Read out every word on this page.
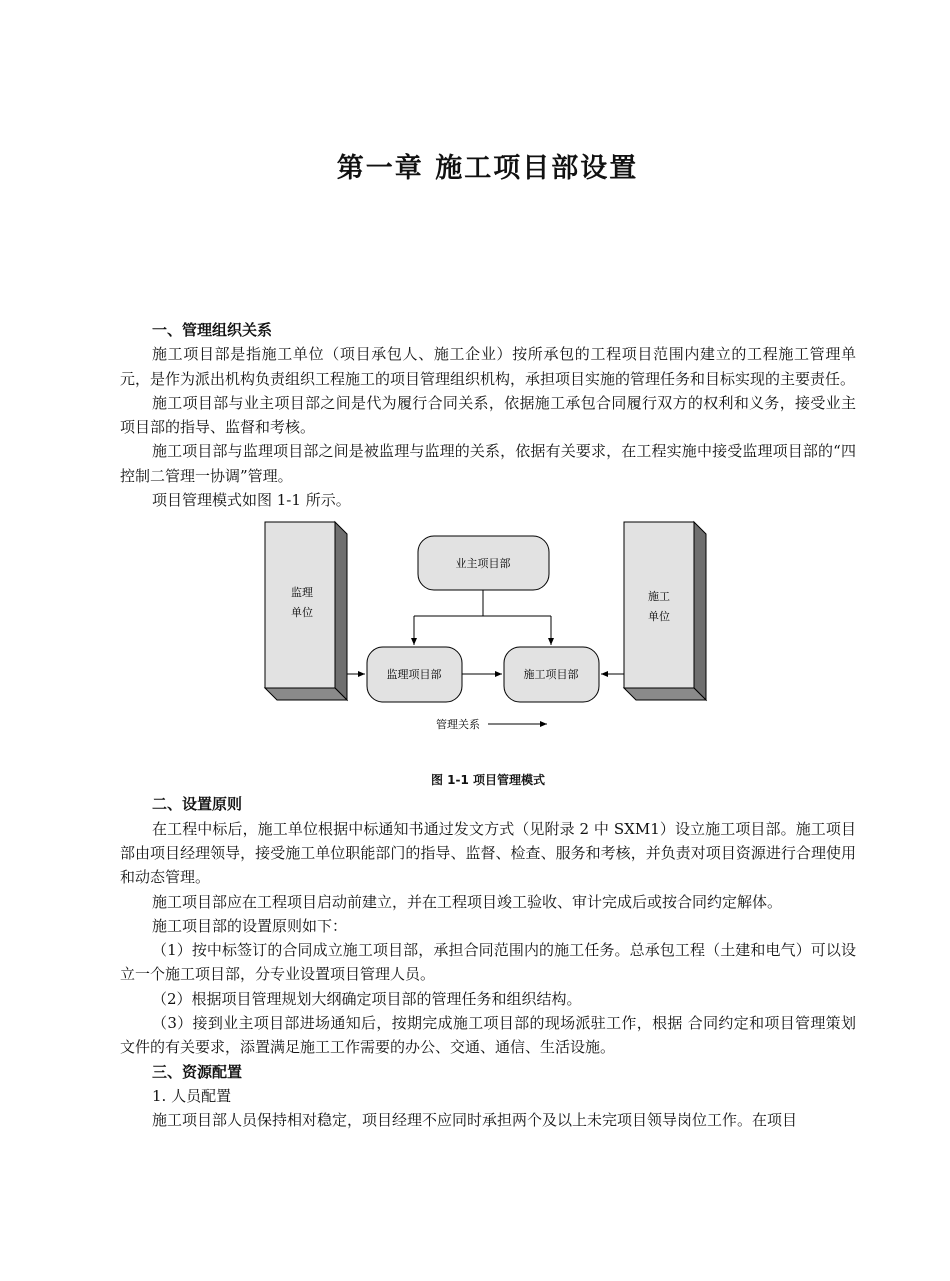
第一章 施工项目部设置

一、管理组织关系

施工项目部是指施工单位（项目承包人、施工企业）按所承包的工程项目范围内建立的工程施工管理单元，是作为派出机构负责组织工程施工的项目管理组织机构，承担项目实施的管理任务和目标实现的主要责任。

施工项目部与业主项目部之间是代为履行合同关系，依据施工承包合同履行双方的权利和义务，接受业主项目部的指导、监督和考核。

施工项目部与监理项目部之间是被监理与监理的关系，依据有关要求，在工程实施中接受监理项目部的“四控制二管理一协调”管理。

项目管理模式如图 1-1 所示。

监理
单位
施工
单位
业主项目部
监理项目部	施工项目部
管理关系
图 1-1 项目管理模式

二、设置原则

在工程中标后，施工单位根据中标通知书通过发文方式（见附录 2 中 SXM1）设立施工项目部。施工项目部由项目经理领导，接受施工单位职能部门的指导、监督、检查、服务和考核，并负责对项目资源进行合理使用和动态管理。

施工项目部应在工程项目启动前建立，并在工程项目竣工验收、审计完成后或按合同约定解体。

施工项目部的设置原则如下：

（1）按中标签订的合同成立施工项目部，承担合同范围内的施工任务。总承包工程（土建和电气）可以设立一个施工项目部，分专业设置项目管理人员。

（2）根据项目管理规划大纲确定项目部的管理任务和组织结构。

（3）接到业主项目部进场通知后，按期完成施工项目部的现场派驻工作，根据 合同约定和项目管理策划文件的有关要求，添置满足施工工作需要的办公、交通、通信、生活设施。

三、资源配置

1. 人员配置

施工项目部人员保持相对稳定，项目经理不应同时承担两个及以上未完项目领导岗位工作。在项目
